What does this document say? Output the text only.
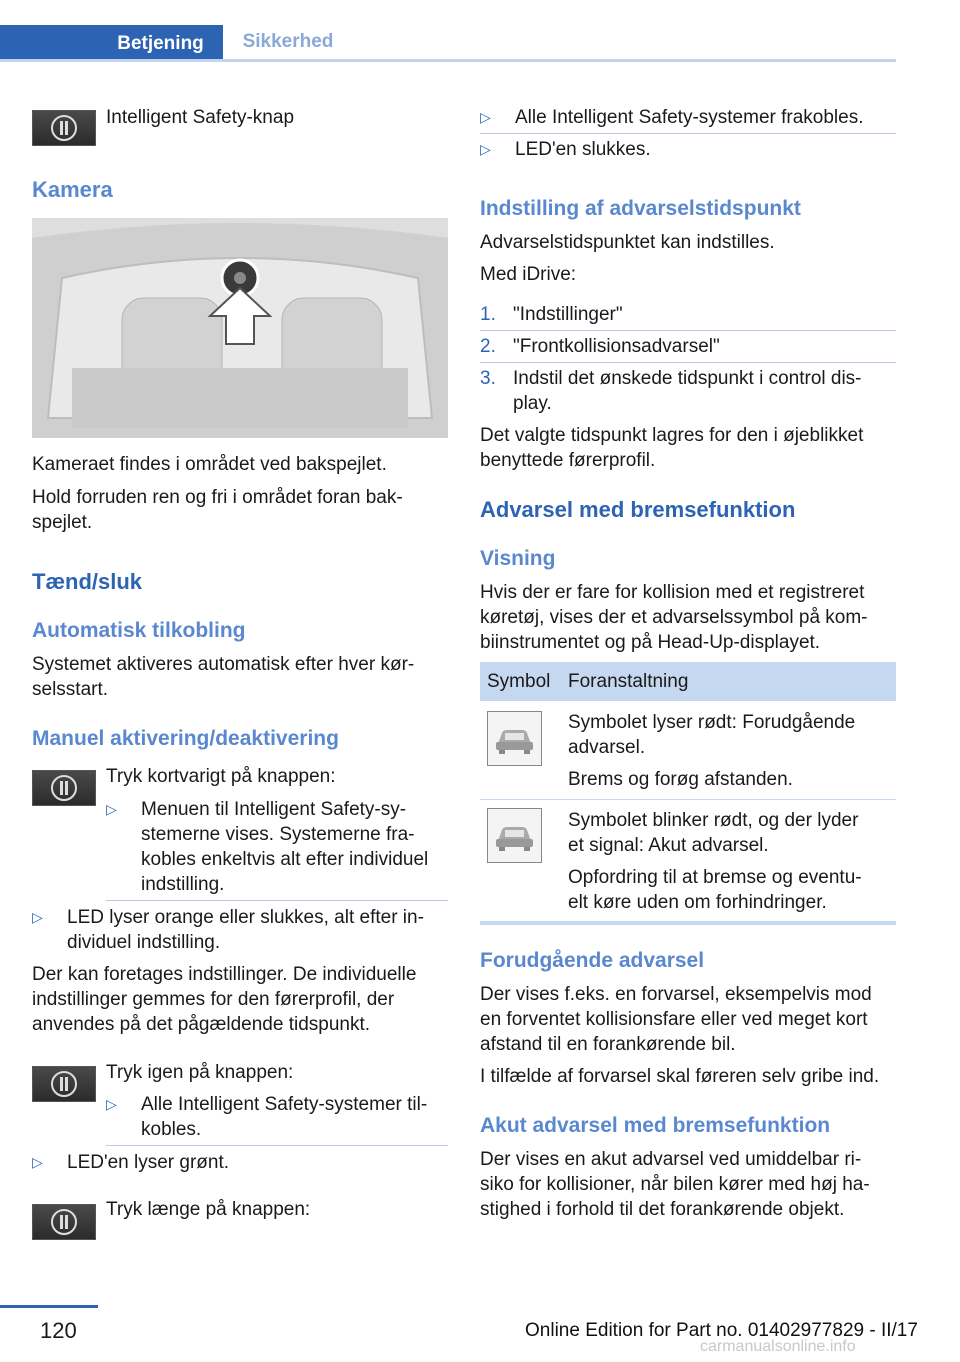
Betjening	Sikkerhed
Intelligent Safety-knap
Kamera
Kameraet findes i området ved bakspejlet.
Hold forruden ren og fri i området foran bak-
spejlet.
Tænd/sluk
Automatisk tilkobling
Systemet aktiveres automatisk efter hver kør-
selsstart.
Manuel aktivering/deaktivering
Tryk kortvarigt på knappen:
▷ Menuen til Intelligent Safety-sy-
stemerne vises. Systemerne fra-
kobles enkeltvis alt efter individuel
indstilling.
▷ LED lyser orange eller slukkes, alt efter in-
dividuel indstilling.
Der kan foretages indstillinger. De individuelle
indstillinger gemmes for den førerprofil, der
anvendes på det pågældende tidspunkt.
Tryk igen på knappen:
▷ Alle Intelligent Safety-systemer til-
kobles.
▷ LED'en lyser grønt.
Tryk længe på knappen:
▷ Alle Intelligent Safety-systemer frakobles.
▷ LED'en slukkes.
Indstilling af advarselstidspunkt
Advarselstidspunktet kan indstilles.
Med iDrive:
1. "Indstillinger"
2. "Frontkollisionsadvarsel"
3. Indstil det ønskede tidspunkt i control dis-
play.
Det valgte tidspunkt lagres for den i øjeblikket
benyttede førerprofil.
Advarsel med bremsefunktion
Visning
Hvis der er fare for kollision med et registreret
køretøj, vises der et advarselssymbol på kom-
biinstrumentet og på Head-Up-displayet.
Symbol Foranstaltning
Symbolet lyser rødt: Forudgående
advarsel.
Brems og forøg afstanden.
Symbolet blinker rødt, og der lyder
et signal: Akut advarsel.
Opfordring til at bremse og eventu-
elt køre uden om forhindringer.
Forudgående advarsel
Der vises f.eks. en forvarsel, eksempelvis mod
en forventet kollisionsfare eller ved meget kort
afstand til en forankørende bil.
I tilfælde af forvarsel skal føreren selv gribe ind.
Akut advarsel med bremsefunktion
Der vises en akut advarsel ved umiddelbar ri-
siko for kollisioner, når bilen kører med høj ha-
stighed i forhold til det forankørende objekt.
120	Online Edition for Part no. 01402977829 - II/17
carmanualsonline.info
